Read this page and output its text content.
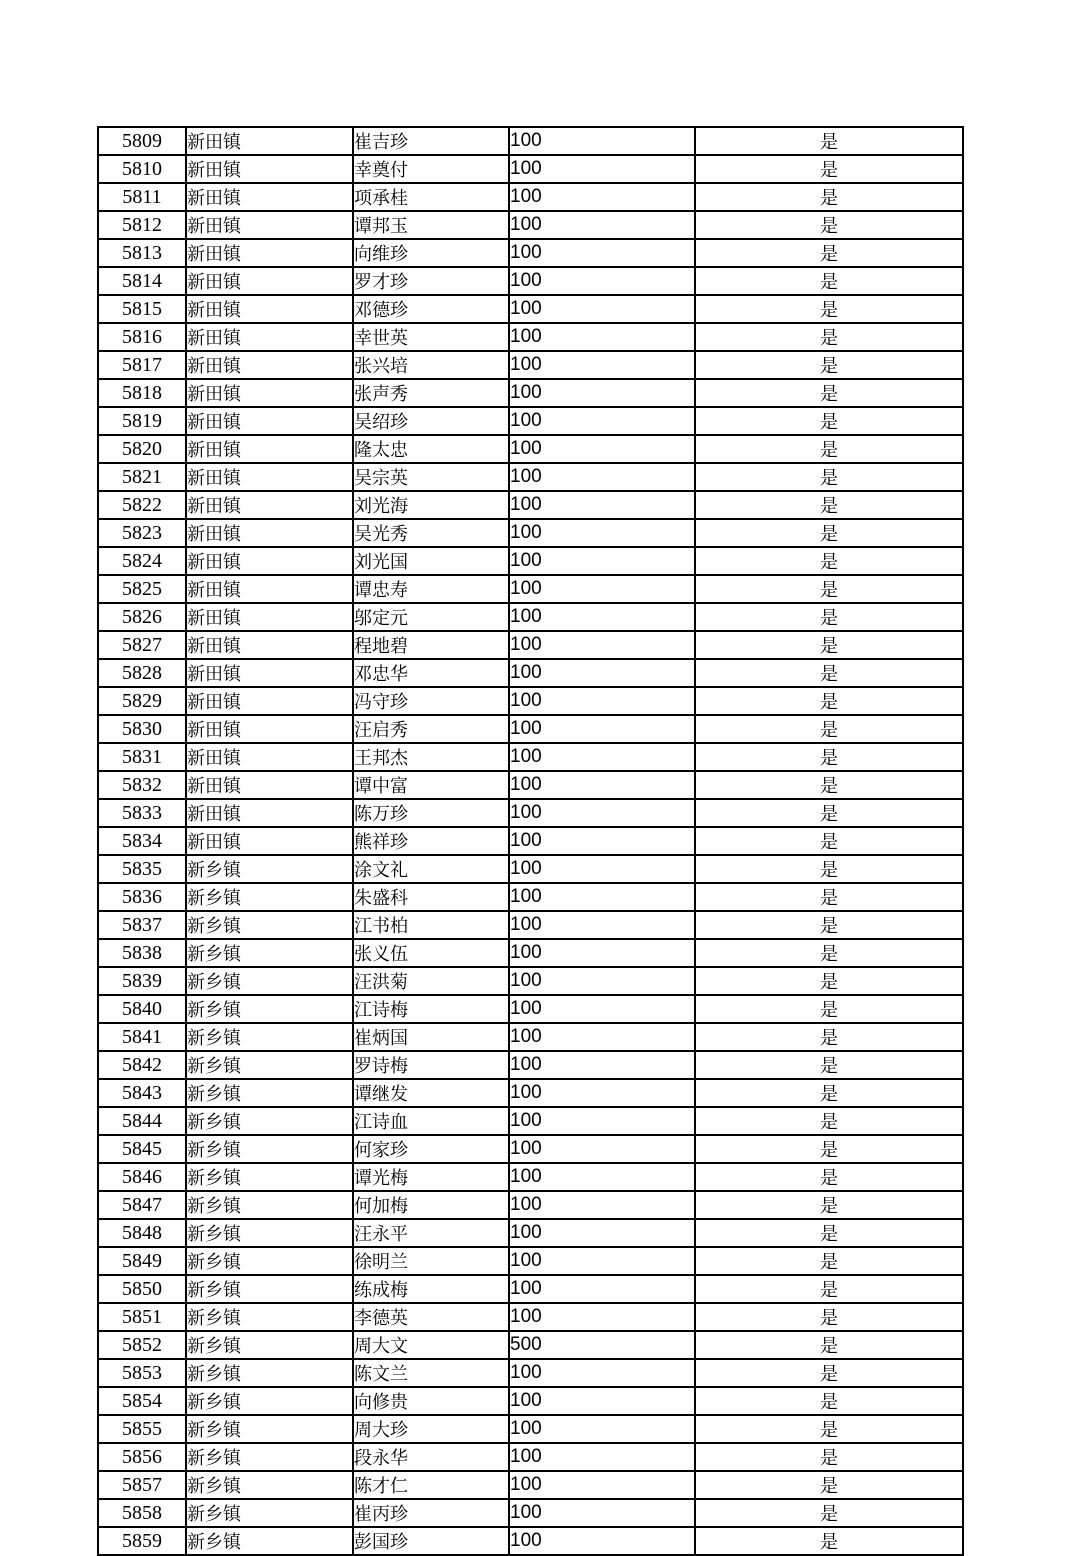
5809	新田镇	崔吉珍	100	是
5810	新田镇	幸奠付	100	是
5811	新田镇	项承桂	100	是
5812	新田镇	谭邦玉	100	是
5813	新田镇	向维珍	100	是
5814	新田镇	罗才珍	100	是
5815	新田镇	邓德珍	100	是
5816	新田镇	幸世英	100	是
5817	新田镇	张兴培	100	是
5818	新田镇	张声秀	100	是
5819	新田镇	吴绍珍	100	是
5820	新田镇	隆太忠	100	是
5821	新田镇	吴宗英	100	是
5822	新田镇	刘光海	100	是
5823	新田镇	吴光秀	100	是
5824	新田镇	刘光国	100	是
5825	新田镇	谭忠寿	100	是
5826	新田镇	邬定元	100	是
5827	新田镇	程地碧	100	是
5828	新田镇	邓忠华	100	是
5829	新田镇	冯守珍	100	是
5830	新田镇	汪启秀	100	是
5831	新田镇	王邦杰	100	是
5832	新田镇	谭中富	100	是
5833	新田镇	陈万珍	100	是
5834	新田镇	熊祥珍	100	是
5835	新乡镇	涂文礼	100	是
5836	新乡镇	朱盛科	100	是
5837	新乡镇	江书柏	100	是
5838	新乡镇	张义伍	100	是
5839	新乡镇	汪洪菊	100	是
5840	新乡镇	江诗梅	100	是
5841	新乡镇	崔炳国	100	是
5842	新乡镇	罗诗梅	100	是
5843	新乡镇	谭继发	100	是
5844	新乡镇	江诗血	100	是
5845	新乡镇	何家珍	100	是
5846	新乡镇	谭光梅	100	是
5847	新乡镇	何加梅	100	是
5848	新乡镇	汪永平	100	是
5849	新乡镇	徐明兰	100	是
5850	新乡镇	练成梅	100	是
5851	新乡镇	李德英	100	是
5852	新乡镇	周大文	500	是
5853	新乡镇	陈文兰	100	是
5854	新乡镇	向修贵	100	是
5855	新乡镇	周大珍	100	是
5856	新乡镇	段永华	100	是
5857	新乡镇	陈才仁	100	是
5858	新乡镇	崔丙珍	100	是
5859	新乡镇	彭国珍	100	是
